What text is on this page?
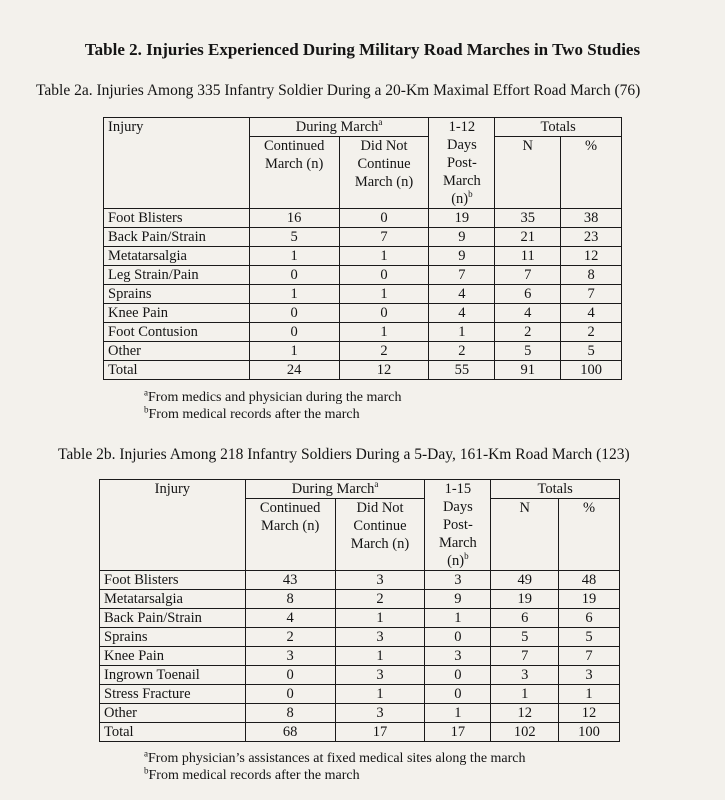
Table 2. Injuries Experienced During Military Road Marches in Two Studies
Table 2a. Injuries Among 335 Infantry Soldier During a 20-Km Maximal Effort Road March (76)
Injury	During March$^a$		1-12 Days Post-March $(n)^b$	Totals	
	Continued March (n)	Did Not Continue March (n)		N	%
Foot Blisters	16	0	19	35	38
Back Pain/Strain	5	7	9	21	23
Metatarsalgia	1	1	9	11	12
Leg Strain/Pain	0	0	7	7	8
Sprains	1	1	4	6	7
Knee Pain	0	0	4	4	4
Foot Contusion	0	1	1	2	2
Other	1	2	2	5	5
Total	24	12	55	91	100
$^a$From medics and physician during the march
$^b$From medical records after the march
Table 2b. Injuries Among 218 Infantry Soldiers During a 5-Day, 161-Km Road March (123)
Injury	During March$^a$		1-15 Days Post-March $(n)^b$	Totals	
	Continued March (n)	Did Not Continue March (n)		N	%
Foot Blisters	43	3	3	49	48
Metatarsalgia	8	2	9	19	19
Back Pain/Strain	4	1	1	6	6
Sprains	2	3	0	5	5
Knee Pain	3	1	3	7	7
Ingrown Toenail	0	3	0	3	3
Stress Fracture	0	1	0	1	1
Other	8	3	1	12	12
Total	68	17	17	102	100
$^a$From physician’s assistances at fixed medical sites along the march
$^b$From medical records after the march
